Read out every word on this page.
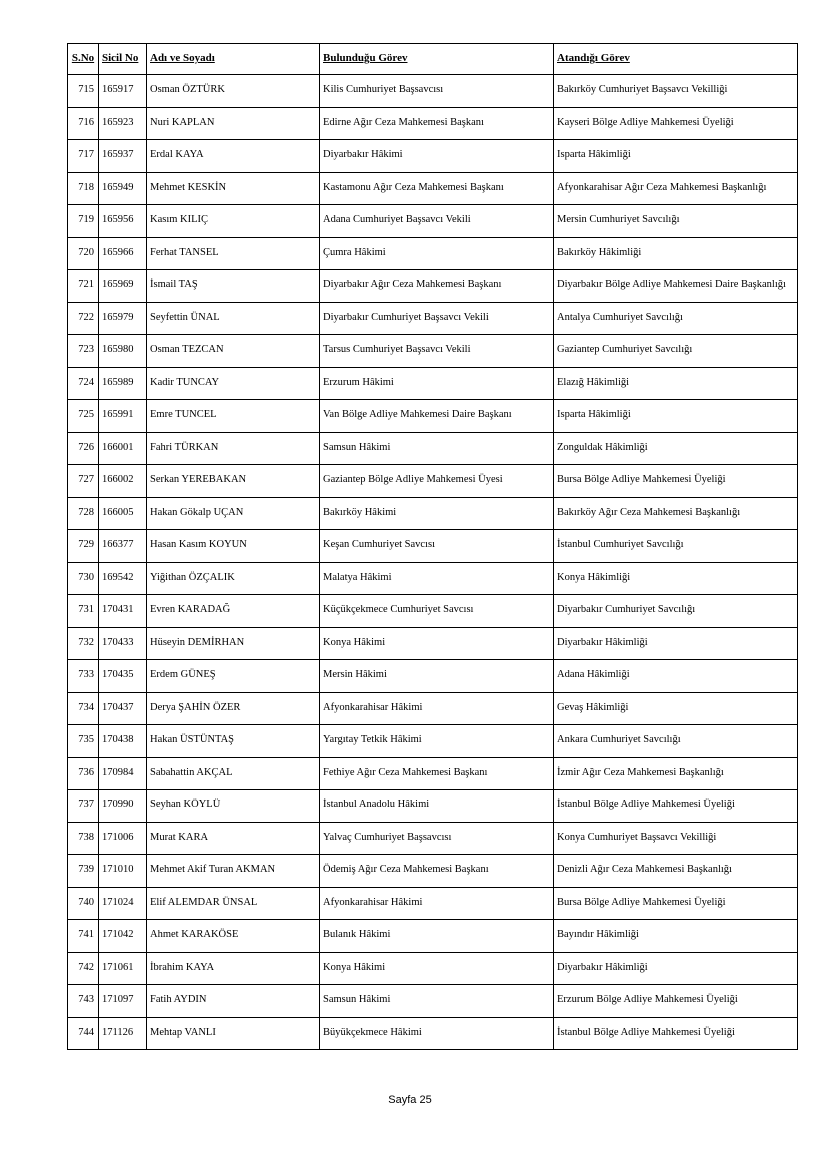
S.No	Sicil No	Adı ve Soyadı	Bulunduğu Görev	Atandığı Görev
715	165917	Osman ÖZTÜRK	Kilis Cumhuriyet Başsavcısı	Bakırköy Cumhuriyet Başsavcı Vekilliği
716	165923	Nuri KAPLAN	Edirne Ağır Ceza Mahkemesi Başkanı	Kayseri Bölge Adliye Mahkemesi Üyeliği
717	165937	Erdal KAYA	Diyarbakır Hâkimi	Isparta Hâkimliği
718	165949	Mehmet KESKİN	Kastamonu Ağır Ceza Mahkemesi Başkanı	Afyonkarahisar Ağır Ceza Mahkemesi Başkanlığı
719	165956	Kasım KILIÇ	Adana Cumhuriyet Başsavcı Vekili	Mersin Cumhuriyet Savcılığı
720	165966	Ferhat TANSEL	Çumra Hâkimi	Bakırköy Hâkimliği
721	165969	İsmail TAŞ	Diyarbakır Ağır Ceza Mahkemesi Başkanı	Diyarbakır Bölge Adliye Mahkemesi Daire Başkanlığı
722	165979	Seyfettin ÜNAL	Diyarbakır Cumhuriyet Başsavcı Vekili	Antalya Cumhuriyet Savcılığı
723	165980	Osman TEZCAN	Tarsus Cumhuriyet Başsavcı Vekili	Gaziantep Cumhuriyet Savcılığı
724	165989	Kadir TUNCAY	Erzurum Hâkimi	Elazığ Hâkimliği
725	165991	Emre TUNCEL	Van Bölge Adliye Mahkemesi Daire Başkanı	Isparta Hâkimliği
726	166001	Fahri TÜRKAN	Samsun Hâkimi	Zonguldak Hâkimliği
727	166002	Serkan YEREBAKAN	Gaziantep Bölge Adliye Mahkemesi Üyesi	Bursa Bölge Adliye Mahkemesi Üyeliği
728	166005	Hakan Gökalp UÇAN	Bakırköy Hâkimi	Bakırköy Ağır Ceza Mahkemesi Başkanlığı
729	166377	Hasan Kasım KOYUN	Keşan Cumhuriyet Savcısı	İstanbul Cumhuriyet Savcılığı
730	169542	Yiğithan ÖZÇALIK	Malatya Hâkimi	Konya Hâkimliği
731	170431	Evren KARADAĞ	Küçükçekmece Cumhuriyet Savcısı	Diyarbakır Cumhuriyet Savcılığı
732	170433	Hüseyin DEMİRHAN	Konya Hâkimi	Diyarbakır Hâkimliği
733	170435	Erdem GÜNEŞ	Mersin Hâkimi	Adana Hâkimliği
734	170437	Derya ŞAHİN ÖZER	Afyonkarahisar Hâkimi	Gevaş Hâkimliği
735	170438	Hakan ÜSTÜNTAŞ	Yargıtay Tetkik Hâkimi	Ankara Cumhuriyet Savcılığı
736	170984	Sabahattin AKÇAL	Fethiye Ağır Ceza Mahkemesi Başkanı	İzmir Ağır Ceza Mahkemesi Başkanlığı
737	170990	Seyhan KÖYLÜ	İstanbul Anadolu Hâkimi	İstanbul Bölge Adliye Mahkemesi Üyeliği
738	171006	Murat KARA	Yalvaç Cumhuriyet Başsavcısı	Konya Cumhuriyet Başsavcı Vekilliği
739	171010	Mehmet Akif Turan AKMAN	Ödemiş Ağır Ceza Mahkemesi Başkanı	Denizli Ağır Ceza Mahkemesi Başkanlığı
740	171024	Elif ALEMDAR ÜNSAL	Afyonkarahisar Hâkimi	Bursa Bölge Adliye Mahkemesi Üyeliği
741	171042	Ahmet KARAKÖSE	Bulanık Hâkimi	Bayındır Hâkimliği
742	171061	İbrahim KAYA	Konya Hâkimi	Diyarbakır Hâkimliği
743	171097	Fatih AYDIN	Samsun Hâkimi	Erzurum Bölge Adliye Mahkemesi Üyeliği
744	171126	Mehtap VANLI	Büyükçekmece Hâkimi	İstanbul Bölge Adliye Mahkemesi Üyeliği
Sayfa 25
